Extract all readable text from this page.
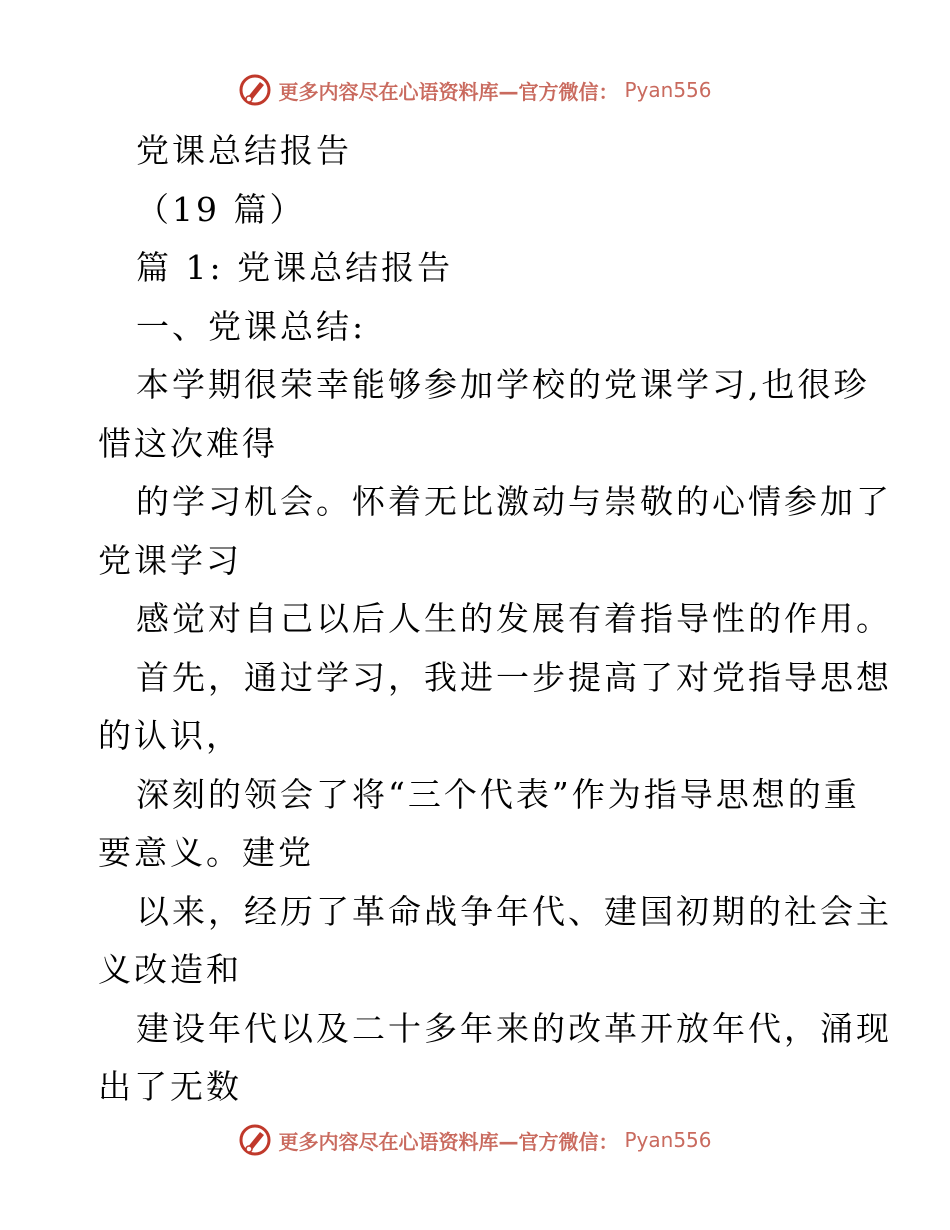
更多内容尽在心语资料库—官方微信： Pyan556
党课总结报告
（19 篇）
篇 1: 党课总结报告
一、党课总结:
本学期很荣幸能够参加学校的党课学习,也很珍
惜这次难得
的学习机会。怀着无比激动与崇敬的心情参加了
党课学习
感觉对自己以后人生的发展有着指导性的作用。
首先，通过学习，我进一步提高了对党指导思想
的认识，
深刻的领会了将“三个代表”作为指导思想的重
要意义。建党
以来，经历了革命战争年代、建国初期的社会主
义改造和
建设年代以及二十多年来的改革开放年代，涌现
出了无数
更多内容尽在心语资料库—官方微信： Pyan556
